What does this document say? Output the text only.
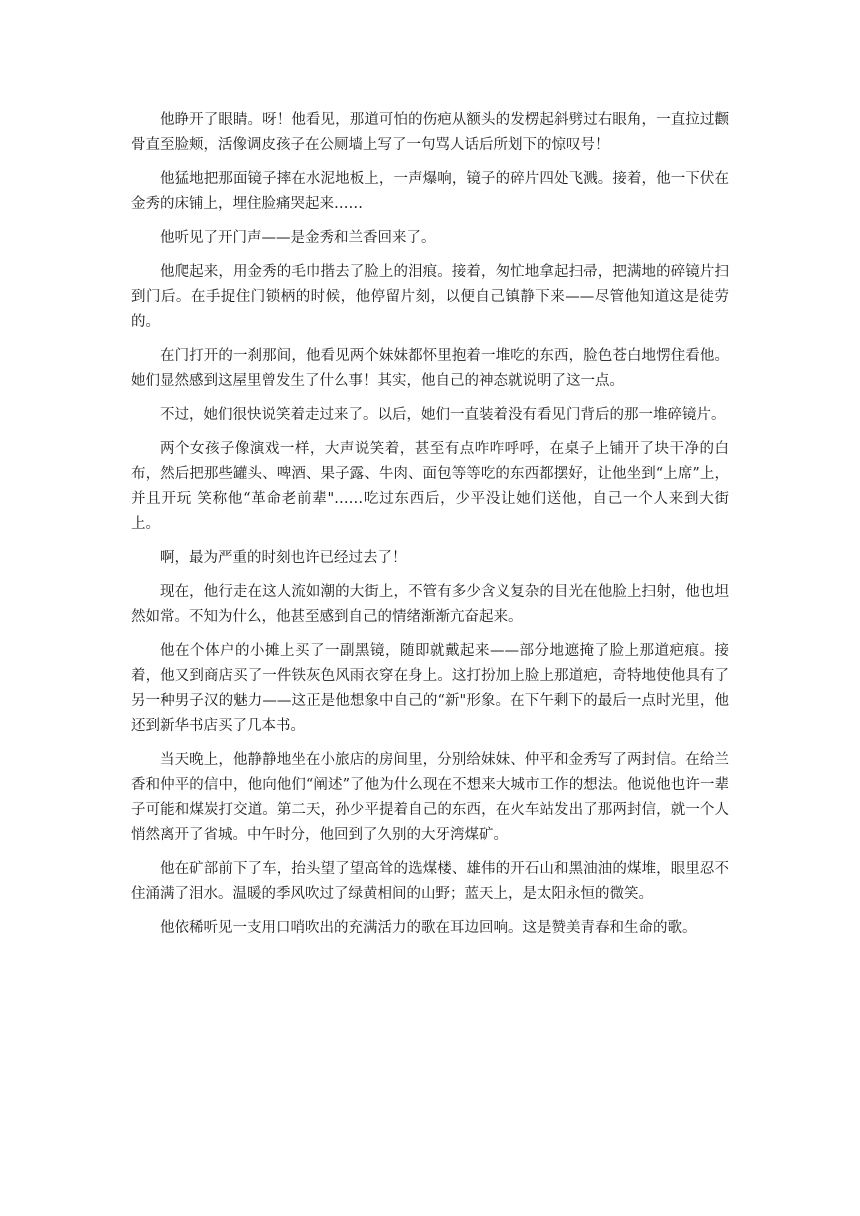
他睁开了眼睛。呀！他看见，那道可怕的伤疤从额头的发楞起斜劈过右眼角，一直拉过颧骨直至脸颊，活像调皮孩子在公厕墙上写了一句骂人话后所划下的惊叹号！

他猛地把那面镜子摔在水泥地板上，一声爆响，镜子的碎片四处飞溅。接着，他一下伏在金秀的床铺上，埋住脸痛哭起来……

他听见了开门声——是金秀和兰香回来了。

他爬起来，用金秀的毛巾揩去了脸上的泪痕。接着，匆忙地拿起扫帚，把满地的碎镜片扫到门后。在手捉住门锁柄的时候，他停留片刻，以便自己镇静下来——尽管他知道这是徒劳的。

在门打开的一刹那间，他看见两个妹妹都怀里抱着一堆吃的东西，脸色苍白地愣住看他。她们显然感到这屋里曾发生了什么事！其实，他自己的神态就说明了这一点。

不过，她们很快说笑着走过来了。以后，她们一直装着没有看见门背后的那一堆碎镜片。

两个女孩子像演戏一样，大声说笑着，甚至有点咋咋呼呼，在桌子上铺开了块干净的白布，然后把那些罐头、啤酒、果子露、牛肉、面包等等吃的东西都摆好，让他坐到“上席”上，并且开玩 笑称他“革命老前辈"……吃过东西后，少平没让她们送他，自己一个人来到大街上。

啊，最为严重的时刻也许已经过去了！

现在，他行走在这人流如潮的大街上，不管有多少含义复杂的目光在他脸上扫射，他也坦然如常。不知为什么，他甚至感到自己的情绪渐渐亢奋起来。

他在个体户的小摊上买了一副黑镜，随即就戴起来——部分地遮掩了脸上那道疤痕。接着，他又到商店买了一件铁灰色风雨衣穿在身上。这打扮加上脸上那道疤，奇特地使他具有了另一种男子汉的魅力——这正是他想象中自己的“新"形象。在下午剩下的最后一点时光里，他还到新华书店买了几本书。

当天晚上，他静静地坐在小旅店的房间里，分别给妹妹、仲平和金秀写了两封信。在给兰香和仲平的信中，他向他们“阐述”了他为什么现在不想来大城市工作的想法。他说他也许一辈子可能和煤炭打交道。第二天，孙少平提着自己的东西，在火车站发出了那两封信，就一个人悄然离开了省城。中午时分，他回到了久别的大牙湾煤矿。

他在矿部前下了车，抬头望了望高耸的选煤楼、雄伟的开石山和黑油油的煤堆，眼里忍不住涌满了泪水。温暖的季风吹过了绿黄相间的山野；蓝天上，是太阳永恒的微笑。

他依稀听见一支用口哨吹出的充满活力的歌在耳边回响。这是赞美青春和生命的歌。
